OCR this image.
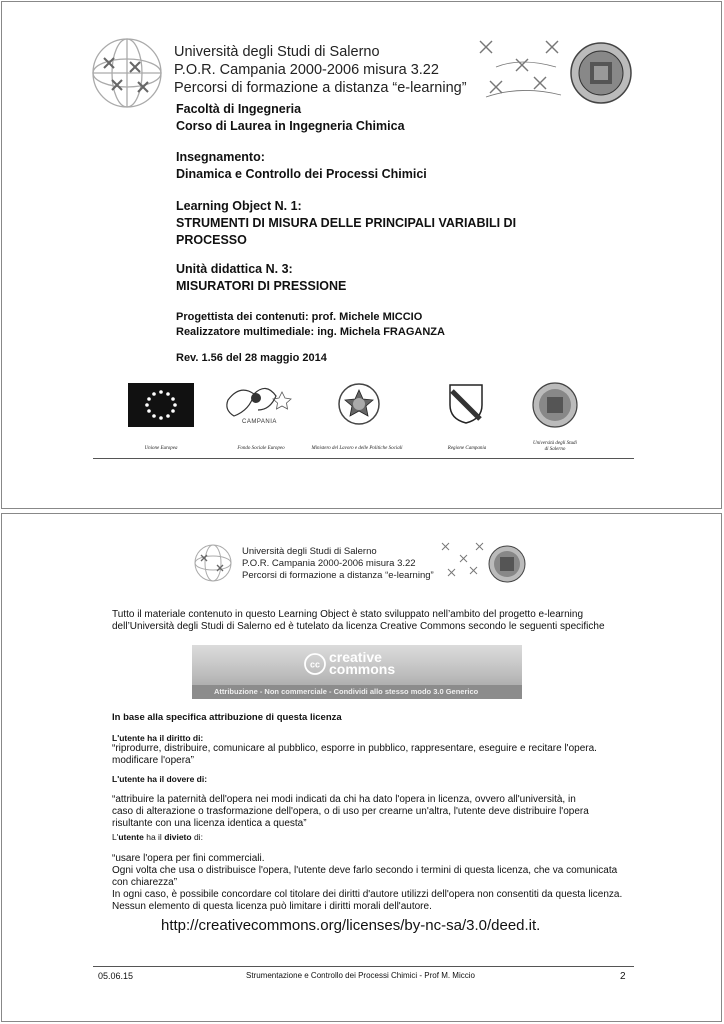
Università degli Studi di Salerno
P.O.R. Campania 2000-2006 misura 3.22
Percorsi di formazione a distanza “e-learning”
Facoltà di Ingegneria
Corso di Laurea in Ingegneria Chimica
Insegnamento:
Dinamica e Controllo dei Processi Chimici
Learning Object N. 1:
STRUMENTI DI MISURA DELLE PRINCIPALI VARIABILI DI
PROCESSO
Unità didattica N. 3:
MISURATORI DI PRESSIONE
Progettista dei contenuti: prof. Michele MICCIO
Realizzatore multimediale: ing. Michela FRAGANZA
Rev. 1.56 del 28 maggio 2014
CAMPANIA
Unione Europea	Fondo Sociale Europeo	Ministero del Lavoro e delle Politiche Sociali	Regione Campania
Università degli Studi
di Salerno
Università degli Studi di Salerno
P.O.R. Campania 2000-2006 misura 3.22
Percorsi di formazione a distanza “e-learning”
Tutto il materiale contenuto in questo Learning Object è stato sviluppato nell’ambito del progetto e-learning
dell’Università degli Studi di Salerno ed è tutelato da licenza Creative Commons secondo le seguenti specifiche
cc creative
commons
Attribuzione - Non commerciale - Condividi allo stesso modo 3.0 Generico
In base alla specifica attribuzione di questa licenza
L'utente ha il diritto di:
“riprodurre, distribuire, comunicare al pubblico, esporre in pubblico, rappresentare, eseguire e recitare l'opera.
modificare l'opera”
L'utente ha il dovere di:
“attribuire la paternità dell'opera nei modi indicati da chi ha dato l'opera in licenza, ovvero all'università, in
caso di alterazione o trasformazione dell'opera, o di uso per crearne un'altra, l'utente deve distribuire l'opera
risultante con una licenza identica a questa”
L'utente ha il divieto di:
“usare l'opera per fini commerciali.
Ogni volta che usa o distribuisce l'opera, l'utente deve farlo secondo i termini di questa licenza, che va comunicata
con chiarezza”
In ogni caso, è possibile concordare col titolare dei diritti d'autore utilizzi dell'opera non consentiti da questa licenza.
Nessun elemento di questa licenza può limitare i diritti morali dell'autore.
http://creativecommons.org/licenses/by-nc-sa/3.0/deed.it.
05.06.15	Strumentazione e Controllo dei Processi Chimici - Prof M. Miccio	2
